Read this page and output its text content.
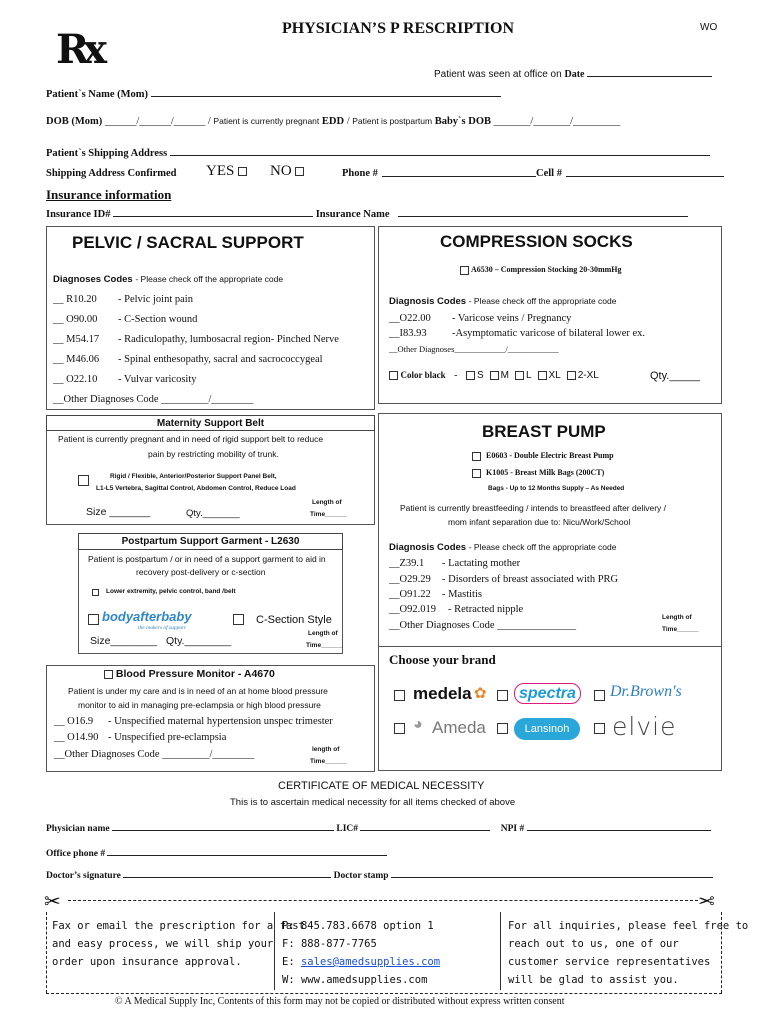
Rx	PHYSICIAN’S P RESCRIPTION	WO
Patient was seen at office on Date
Patient`s Name (Mom)
DOB (Mom) ______/______/______ / Patient is currently pregnant EDD / Patient is postpartum Baby`s DOB _______/_______/_________
Patient`s Shipping Address
Shipping Address Confirmed YES	NO	Phone #	Cell #
Insurance information
Insurance ID#	Insurance Name
PELVIC / SACRAL SUPPORT
Diagnoses Codes - Please check off the appropriate code
__ R10.20 - Pelvic joint pain
__ O90.00 - C-Section wound
__ M54.17 - Radiculopathy, lumbosacral region- Pinched Nerve
__ M46.06 - Spinal enthesopathy, sacral and sacrococcygeal
__ O22.10 - Vulvar varicosity
__Other Diagnoses Code _________/________
Maternity Support Belt
Patient is currently pregnant and in need of rigid support belt to reduce
pain by restricting mobility of trunk.
Rigid / Flexible, Anterior/Posterior Support Panel Belt,
L1-L5 Vertebra, Sagittal Control, Abdomen Control, Reduce Load
Size _______	Qty._______
Length of
Time______
Postpartum Support Garment - L2630
Patient is postpartum / or in need of a support garment to aid in
recovery post-delivery or c-section
Lower extremity, pelvic control, band /belt
bodyafterbaby
the makers of support
C-Section Style
Size________ Qty.________
Length of
Time______
Blood Pressure Monitor - A4670
Patient is under my care and is in need of an at home blood pressure
monitor to aid in managing pre-eclampsia or high blood pressure
__ O16.9 - Unspecified maternal hypertension unspec trimester
__ O14.90 - Unspecified pre-eclampsia
__Other Diagnoses Code _________/________	length of
Time______
COMPRESSION SOCKS
A6530 – Compression Stocking 20-30mmHg
Diagnosis Codes - Please check off the appropriate code
__O22.00 - Varicose veins / Pregnancy
__I83.93 -Asymptomatic varicose of bilateral lower ex.
__Other Diagnoses____________/____________
Color black - S M L XL 2-XL	Qty._____
BREAST PUMP
E0603 - Double Electric Breast Pump
K1005 - Breast Milk Bags (200CT)
Bags - Up to 12 Months Supply – As Needed
Patient is currently breastfeeding / intends to breastfeed after delivery /
mom infant separation due to: Nicu/Work/School
Diagnosis Codes - Please check off the appropriate code
__Z39.1 - Lactating mother
__O29.29 - Disorders of breast associated with PRG
__O91.22 - Mastitis
__O92.019 - Retracted nipple
__Other Diagnoses Code _______________
Length of
Time______
Choose your brand
medela ✿	spectra	Dr.Brown's
◕ Ameda	Lansinoh	elvie
CERTIFICATE OF MEDICAL NECESSITY
This is to ascertain medical necessity for all items checked of above
Physician name	LIC#	NPI #
Office phone #
Doctor’s signature	Doctor stamp
✂	✂
Fax or email the prescription for a fast
and easy process, we will ship your
order upon insurance approval.
P: 845.783.6678 option 1
F: 888-877-7765
E: sales@amedsupplies.com
W: www.amedsupplies.com
For all inquiries, please feel free to
reach out to us, one of our
customer service representatives
will be glad to assist you.
© A Medical Supply Inc, Contents of this form may not be copied or distributed without express written consent
